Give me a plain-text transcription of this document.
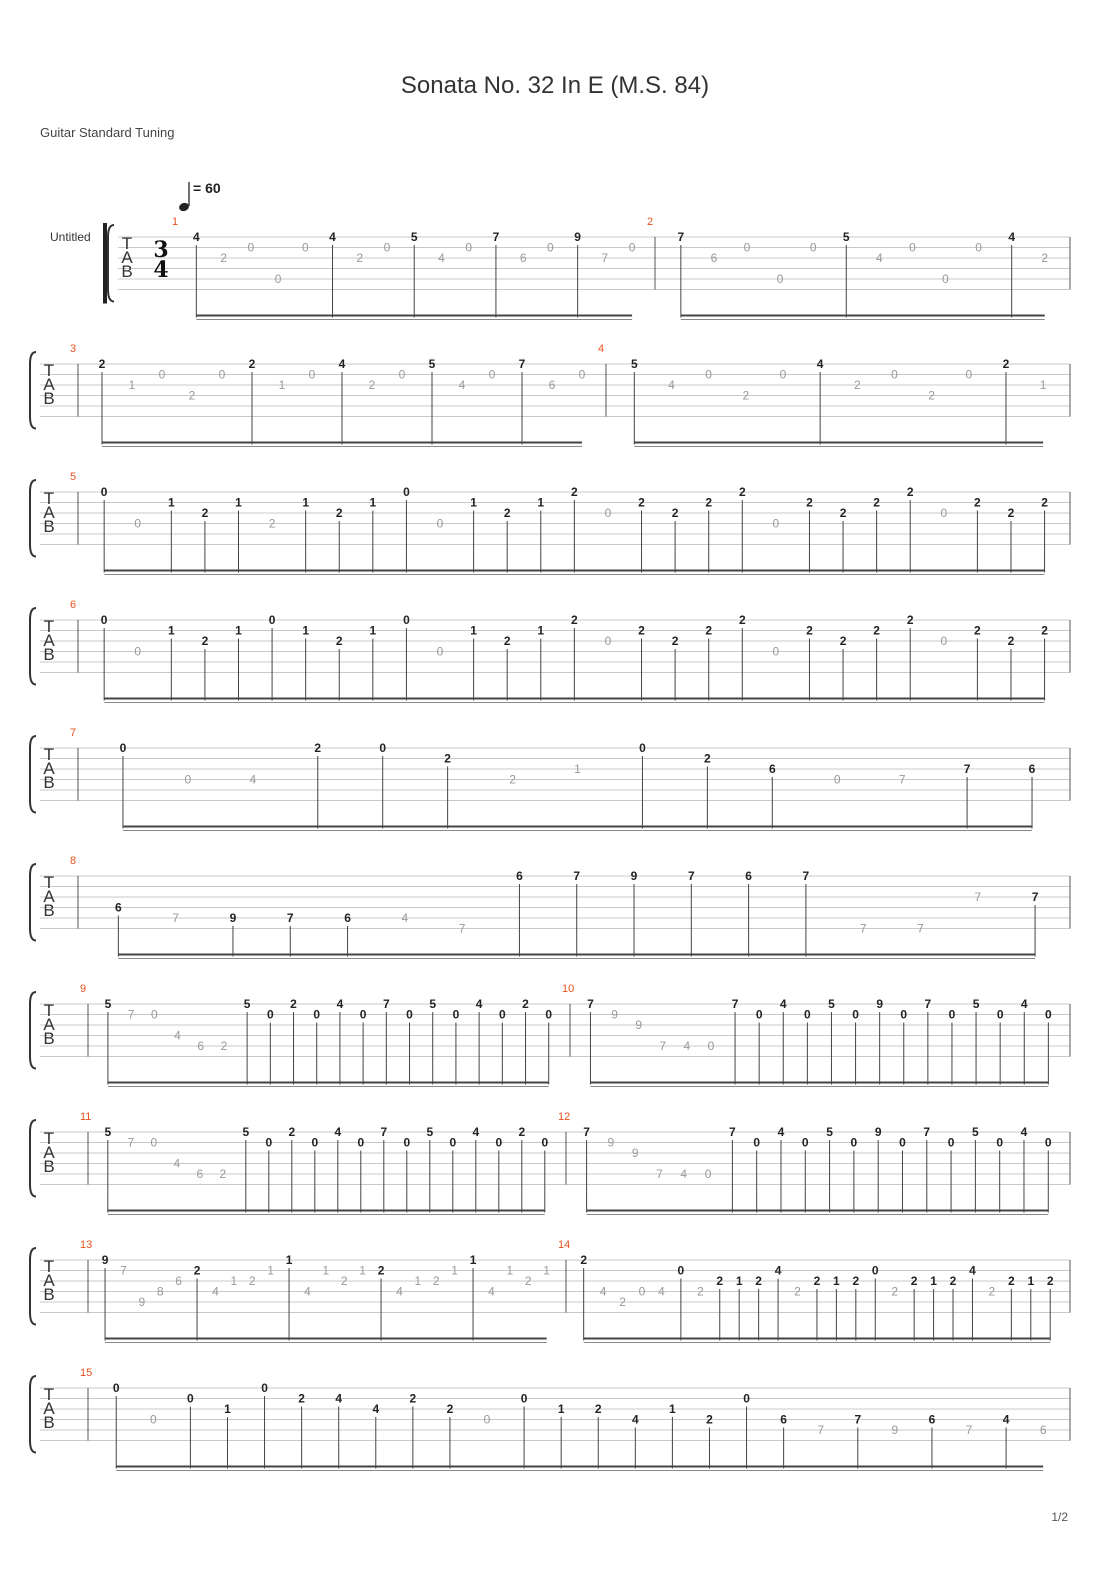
Sonata No. 32 In E (M.S. 84)
Guitar Standard Tuning
= 60
Untitled T
A
B
3
4
1
4
2
0
0
0
4
2
0
5
4
0
7
6
0
9
7
0
2
7
6
0
0
0
5
4
0
0
0
4
2
T
A
B
3
2
1
0
2
0
2
1
0
4
2
0
5
4
0
7
6
0
4
5
4
0
2
0
4
2
0
2
0
2
1
T
A
B
5
0
0
1
2
1
2
1
2
1
0
0
1
2
1
2
0
2
2
2
2
0
2
2
2
2
0
2
2
2
T
A
B
6
0
0
1
2
1
0
1
2
1
0
0
1
2
1
2
0
2
2
2
2
0
2
2
2
2
0
2
2
2
T
A
B
7
0
0	4
2	0
2
2
1
0
2
6
0	7
7	6
T
A
B
8
6
7	9	7	6	4
7
6	7	9	7	6	7
7	7
7	7
T
A
B
9
5
7 0
4
6 2
5
0
2
0
4
0
7
0
5
0
4
0
2
0
10
7
9
9
7 4 0
7
0
4
0
5
0
9
0
7
0
5
0
4
0
T
A
B
11
5
7 0
4
6 2
5
0
2
0
4
0
7
0
5
0
4
0
2
0
12
7
9
9
7 4 0
7
0
4
0
5
0
9
0
7
0
5
0
4
0
T
A
B
13
9
7
9
8
6
2
4
1 2
1
1
4
1
2
1 2
4
1 2
1
1
4
1
2
1
14
2
4
2
0 4
0
2
2 1 2
4
2
2 1 2
0
2
2 1 2
4
2
2 1 2
T
A
B
15
0
0
0
1
0
2	4
4
2
2
0
0
1	2
4
1
2
0
6
7
7
9
6
7
4
6
1/2
